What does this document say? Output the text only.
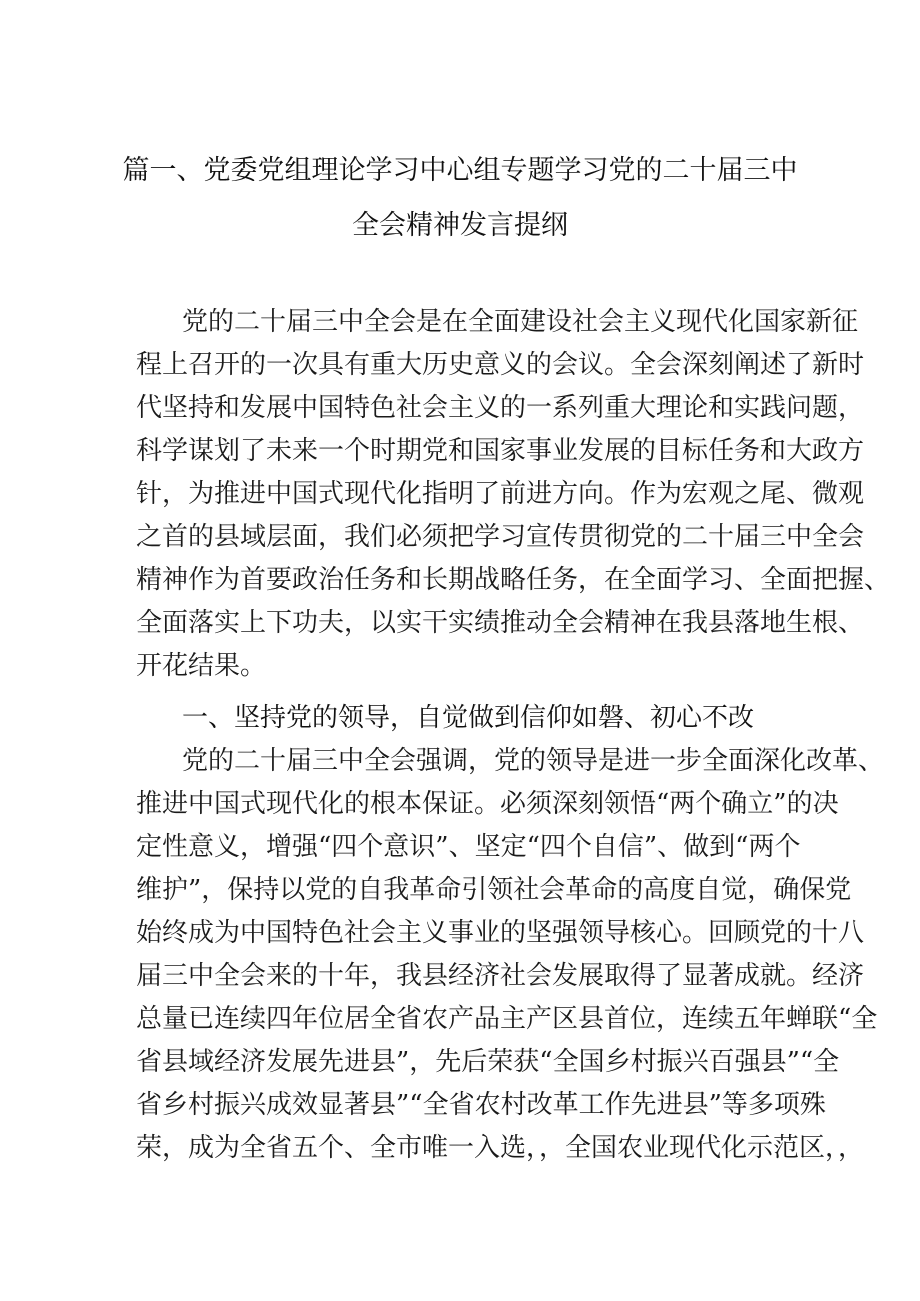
篇一、党委党组理论学习中心组专题学习党的二十届三中
全会精神发言提纲
党的二十届三中全会是在全面建设社会主义现代化国家新征
程上召开的一次具有重大历史意义的会议。全会深刻阐述了新时
代坚持和发展中国特色社会主义的一系列重大理论和实践问题，
科学谋划了未来一个时期党和国家事业发展的目标任务和大政方
针，为推进中国式现代化指明了前进方向。作为宏观之尾、微观
之首的县域层面，我们必须把学习宣传贯彻党的二十届三中全会
精神作为首要政治任务和长期战略任务，在全面学习、全面把握、
全面落实上下功夫，以实干实绩推动全会精神在我县落地生根、
开花结果。
一、坚持党的领导，自觉做到信仰如磐、初心不改
党的二十届三中全会强调，党的领导是进一步全面深化改革、
推进中国式现代化的根本保证。必须深刻领悟“两个确立”的决
定性意义，增强“四个意识”、坚定“四个自信”、做到“两个
维护”，保持以党的自我革命引领社会革命的高度自觉，确保党
始终成为中国特色社会主义事业的坚强领导核心。回顾党的十八
届三中全会来的十年，我县经济社会发展取得了显著成就。经济
总量已连续四年位居全省农产品主产区县首位，连续五年蝉联“全
省县域经济发展先进县”，先后荣获“全国乡村振兴百强县”“全
省乡村振兴成效显著县”“全省农村改革工作先进县”等多项殊
荣，成为全省五个、全市唯一入选，，全国农业现代化示范区，，
